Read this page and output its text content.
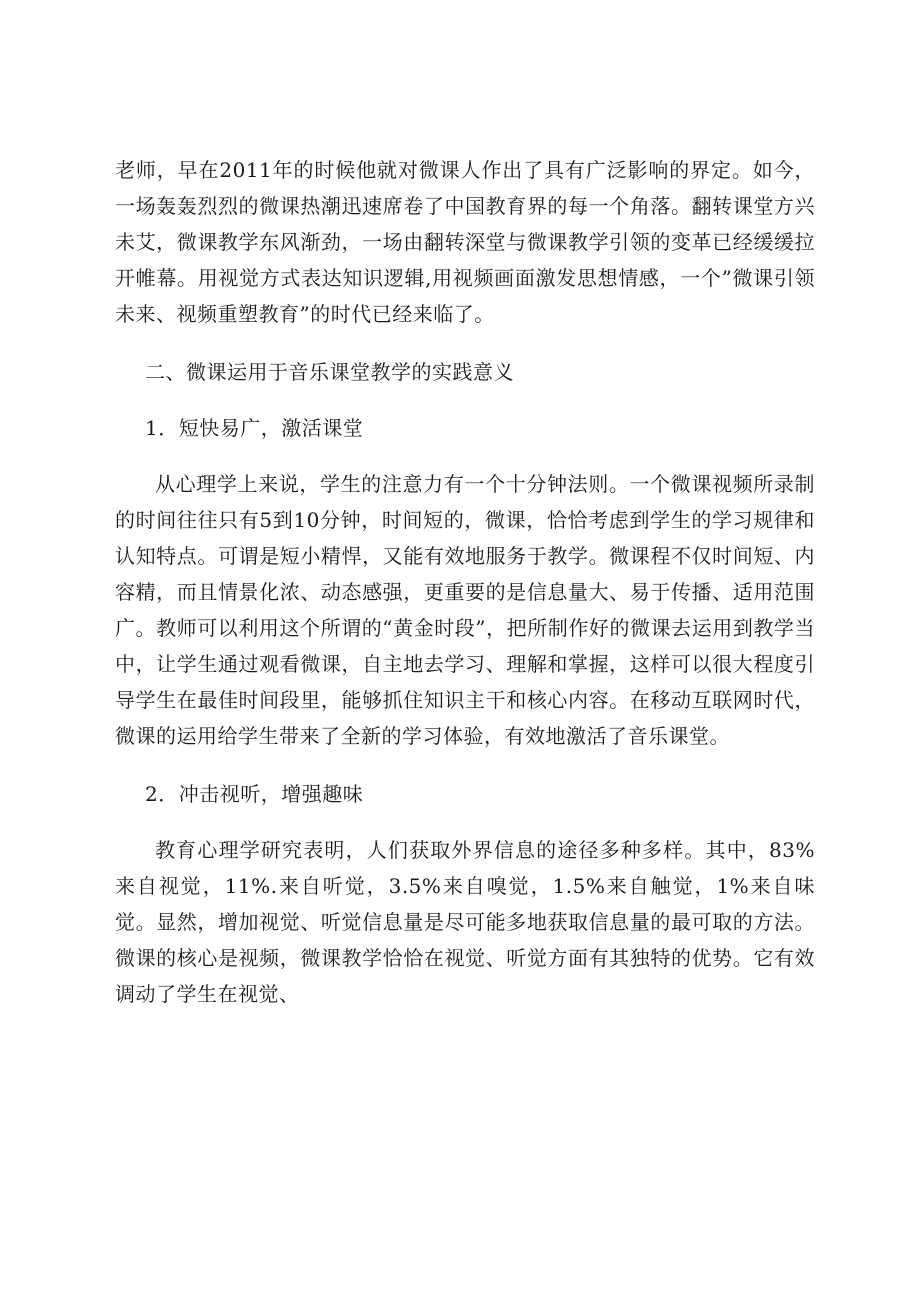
老师，早在2011年的时候他就对微课人作出了具有广泛影响的界定。如今，一场轰轰烈烈的微课热潮迅速席卷了中国教育界的每一个角落。翻转课堂方兴未艾，微课教学东风渐劲，一场由翻转深堂与微课教学引领的变革已经缓缓拉开帷幕。用视觉方式表达知识逻辑,用视频画面激发思想情感，一个”微课引领未来、视频重塑教育”的时代已经来临了。

二、微课运用于音乐课堂教学的实践意义

1．短快易广，激活课堂

从心理学上来说，学生的注意力有一个十分钟法则。一个微课视频所录制的时间往往只有5到10分钟，时间短的，微课，恰恰考虑到学生的学习规律和认知特点。可谓是短小精悍，又能有效地服务于教学。微课程不仅时间短、内容精，而且情景化浓、动态感强，更重要的是信息量大、易于传播、适用范围广。教师可以利用这个所谓的“黄金时段”，把所制作好的微课去运用到教学当中，让学生通过观看微课，自主地去学习、理解和掌握，这样可以很大程度引导学生在最佳时间段里，能够抓住知识主干和核心内容。在移动互联网时代，微课的运用给学生带来了全新的学习体验，有效地激活了音乐课堂。

2．冲击视听，增强趣味

教育心理学研究表明，人们获取外界信息的途径多种多样。其中，83%来自视觉，11%.来自听觉，3.5%来自嗅觉，1.5%来自触觉，1%来自味觉。显然，增加视觉、听觉信息量是尽可能多地获取信息量的最可取的方法。微课的核心是视频，微课教学恰恰在视觉、听觉方面有其独特的优势。它有效调动了学生在视觉、
